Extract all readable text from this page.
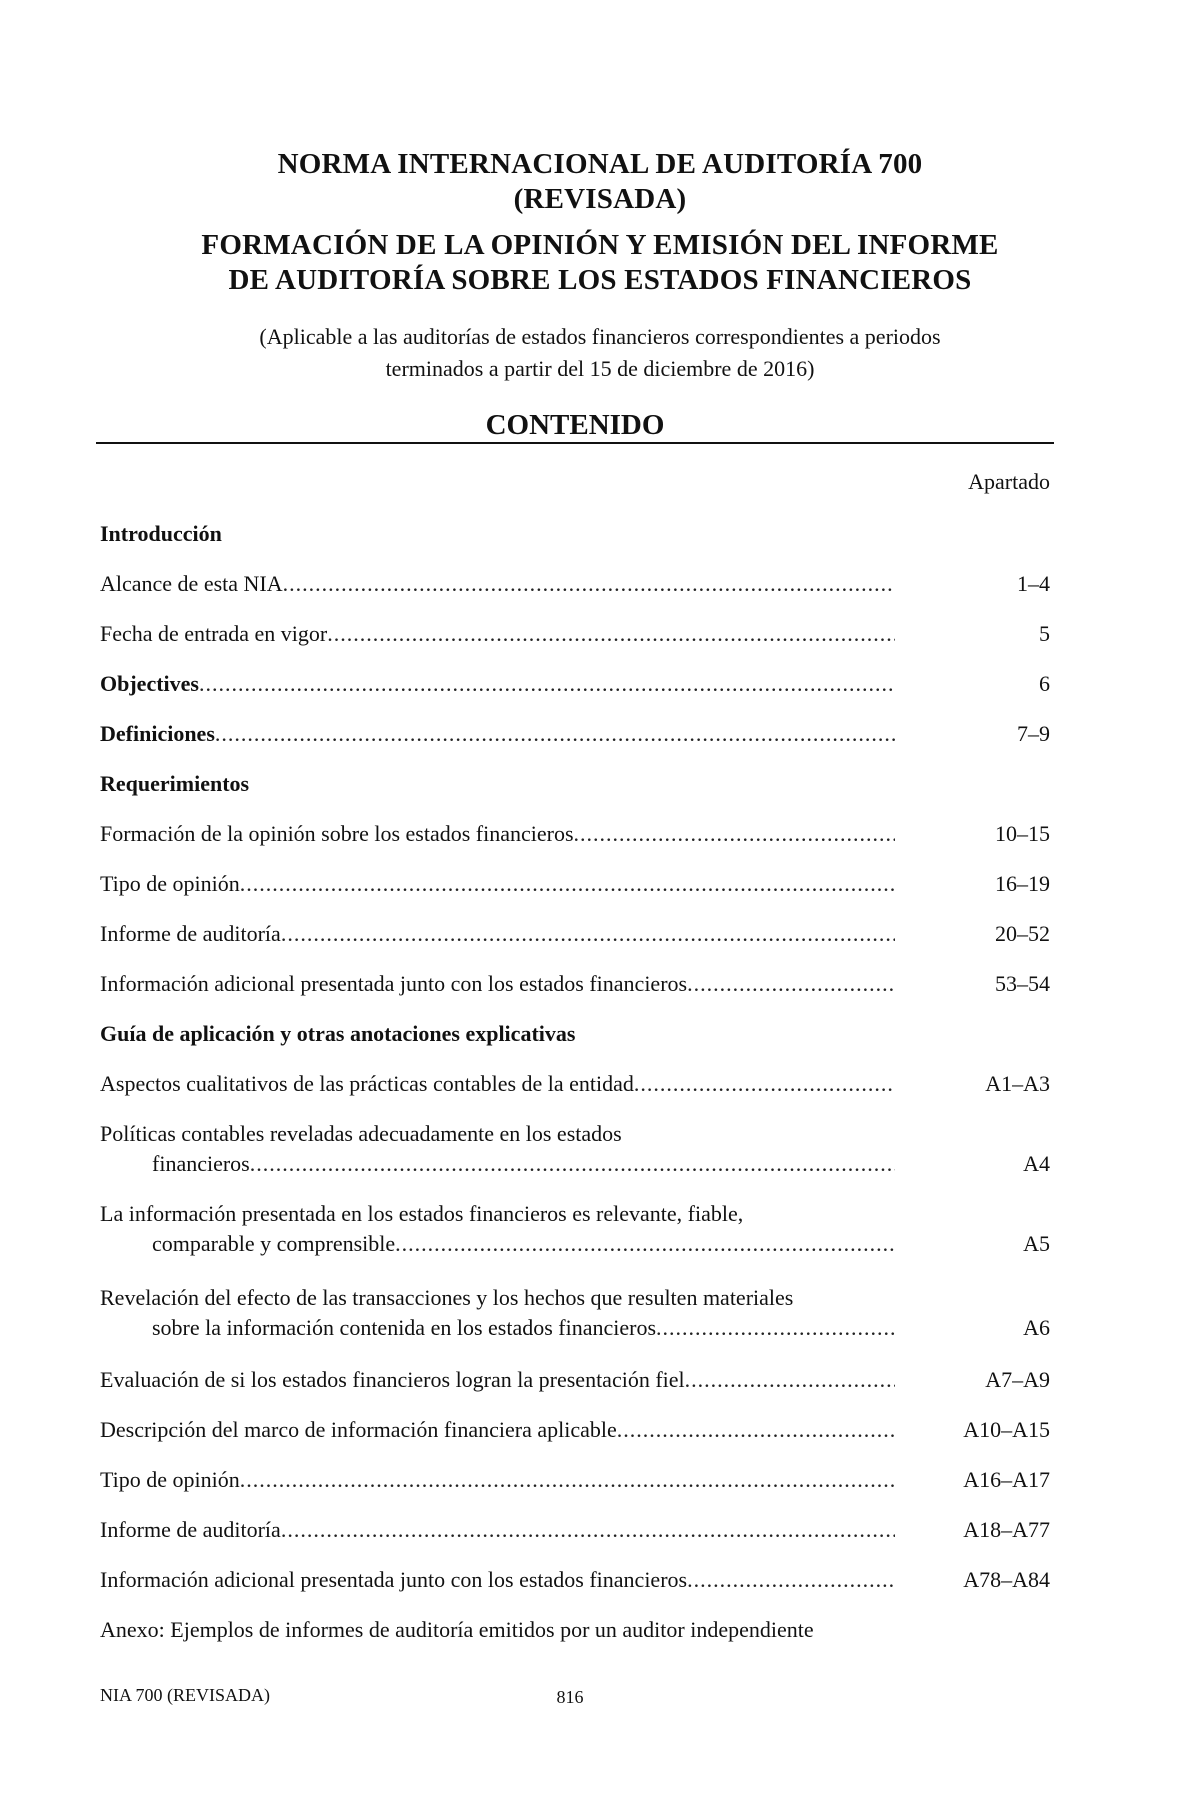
NORMA INTERNACIONAL DE AUDITORÍA 700
(REVISADA)
FORMACIÓN DE LA OPINIÓN Y EMISIÓN DEL INFORME
DE AUDITORÍA SOBRE LOS ESTADOS FINANCIEROS
(Aplicable a las auditorías de estados financieros correspondientes a periodos
terminados a partir del 15 de diciembre de 2016)
CONTENIDO
Apartado
Introducción
Alcance de esta NIA .....	1–4
Fecha de entrada en vigor .....	5
Objectives .....	6
Definiciones .....	7–9
Requerimientos
Formación de la opinión sobre los estados financieros .....	10–15
Tipo de opinión .....	16–19
Informe de auditoría .....	20–52
Información adicional presentada junto con los estados financieros .....	53–54
Guía de aplicación y otras anotaciones explicativas
Aspectos cualitativos de las prácticas contables de la entidad .....	A1–A3
Políticas contables reveladas adecuadamente en los estados
financieros .....	A4
La información presentada en los estados financieros es relevante, fiable,
comparable y comprensible .....	A5
Revelación del efecto de las transacciones y los hechos que resulten materiales
sobre la información contenida en los estados financieros .....	A6
Evaluación de si los estados financieros logran la presentación fiel .....	A7–A9
Descripción del marco de información financiera aplicable .....	A10–A15
Tipo de opinión .....	A16–A17
Informe de auditoría .....	A18–A77
Información adicional presentada junto con los estados financieros .....	A78–A84
Anexo: Ejemplos de informes de auditoría emitidos por un auditor independiente
NIA 700 (REVISADA)	816
